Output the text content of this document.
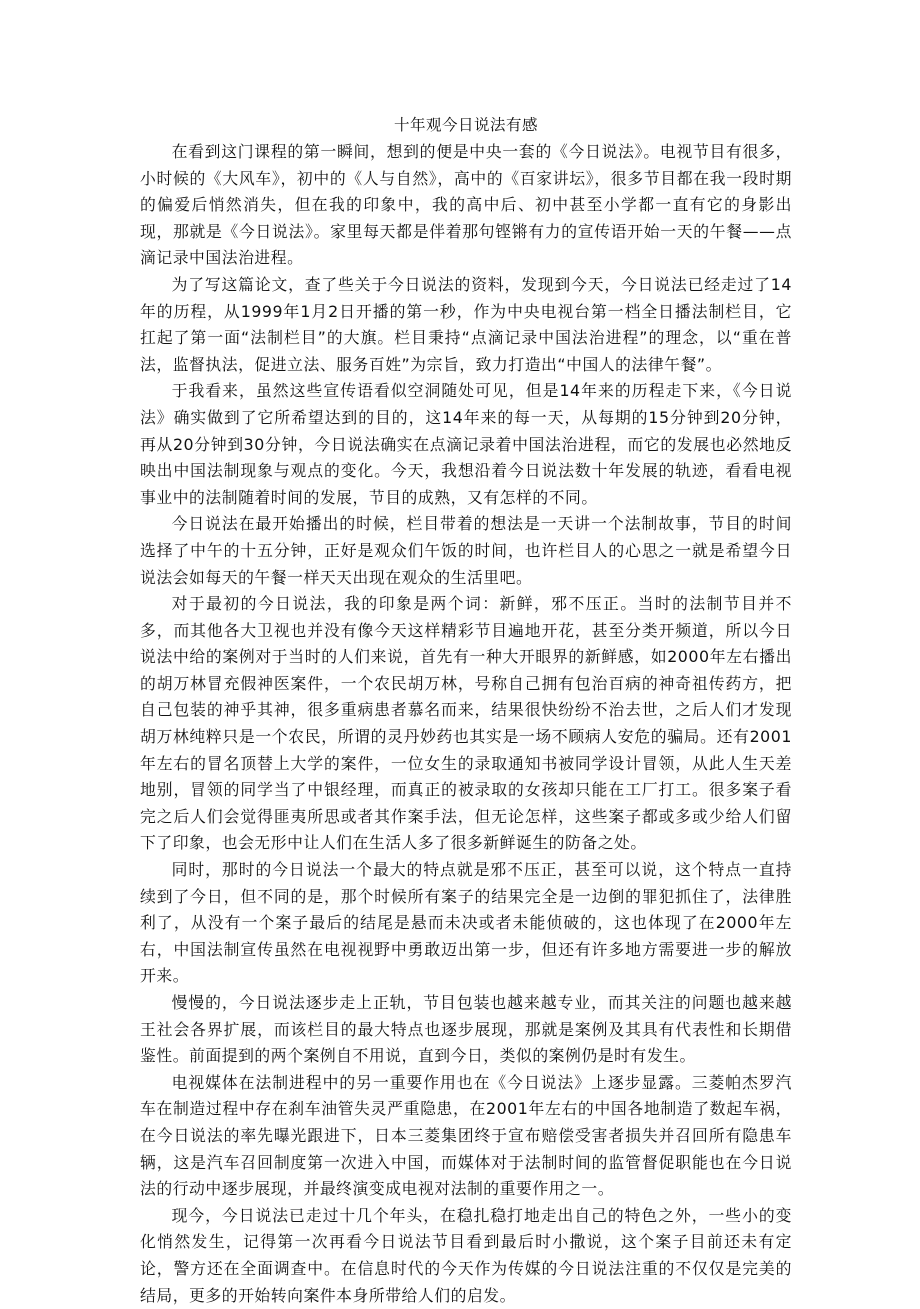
十年观今日说法有感

在看到这门课程的第一瞬间，想到的便是中央一套的《今日说法》。电视节目有很多，小时候的《大风车》，初中的《人与自然》，高中的《百家讲坛》，很多节目都在我一段时期的偏爱后悄然消失，但在我的印象中，我的高中后、初中甚至小学都一直有它的身影出现，那就是《今日说法》。家里每天都是伴着那句铿锵有力的宣传语开始一天的午餐——点滴记录中国法治进程。

为了写这篇论文，查了些关于今日说法的资料，发现到今天，今日说法已经走过了14年的历程，从1999年1月2日开播的第一秒，作为中央电视台第一档全日播法制栏目，它扛起了第一面“法制栏目”的大旗。栏目秉持“点滴记录中国法治进程”的理念，以“重在普法，监督执法，促进立法、服务百姓”为宗旨，致力打造出“中国人的法律午餐”。

于我看来，虽然这些宣传语看似空洞随处可见，但是14年来的历程走下来，《今日说法》确实做到了它所希望达到的目的，这14年来的每一天，从每期的15分钟到20分钟，再从20分钟到30分钟，今日说法确实在点滴记录着中国法治进程，而它的发展也必然地反映出中国法制现象与观点的变化。今天，我想沿着今日说法数十年发展的轨迹，看看电视事业中的法制随着时间的发展，节目的成熟，又有怎样的不同。

今日说法在最开始播出的时候，栏目带着的想法是一天讲一个法制故事，节目的时间选择了中午的十五分钟，正好是观众们午饭的时间，也许栏目人的心思之一就是希望今日说法会如每天的午餐一样天天出现在观众的生活里吧。

对于最初的今日说法，我的印象是两个词：新鲜，邪不压正。当时的法制节目并不多，而其他各大卫视也并没有像今天这样精彩节目遍地开花，甚至分类开频道，所以今日说法中给的案例对于当时的人们来说，首先有一种大开眼界的新鲜感，如2000年左右播出的胡万林冒充假神医案件，一个农民胡万林，号称自己拥有包治百病的神奇祖传药方，把自己包装的神乎其神，很多重病患者慕名而来，结果很快纷纷不治去世，之后人们才发现胡万林纯粹只是一个农民，所谓的灵丹妙药也其实是一场不顾病人安危的骗局。还有2001年左右的冒名顶替上大学的案件，一位女生的录取通知书被同学设计冒领，从此人生天差地别，冒领的同学当了中银经理，而真正的被录取的女孩却只能在工厂打工。很多案子看完之后人们会觉得匪夷所思或者其作案手法，但无论怎样，这些案子都或多或少给人们留下了印象，也会无形中让人们在生活人多了很多新鲜诞生的防备之处。

同时，那时的今日说法一个最大的特点就是邪不压正，甚至可以说，这个特点一直持续到了今日，但不同的是，那个时候所有案子的结果完全是一边倒的罪犯抓住了，法律胜利了，从没有一个案子最后的结尾是悬而未决或者未能侦破的，这也体现了在2000年左右，中国法制宣传虽然在电视视野中勇敢迈出第一步，但还有许多地方需要进一步的解放开来。

慢慢的，今日说法逐步走上正轨，节目包装也越来越专业，而其关注的问题也越来越王社会各界扩展，而该栏目的最大特点也逐步展现，那就是案例及其具有代表性和长期借鉴性。前面提到的两个案例自不用说，直到今日，类似的案例仍是时有发生。

电视媒体在法制进程中的另一重要作用也在《今日说法》上逐步显露。三菱帕杰罗汽车在制造过程中存在刹车油管失灵严重隐患，在2001年左右的中国各地制造了数起车祸，在今日说法的率先曝光跟进下，日本三菱集团终于宣布赔偿受害者损失并召回所有隐患车辆，这是汽车召回制度第一次进入中国，而媒体对于法制时间的监管督促职能也在今日说法的行动中逐步展现，并最终演变成电视对法制的重要作用之一。

现今，今日说法已走过十几个年头，在稳扎稳打地走出自己的特色之外，一些小的变化悄然发生，记得第一次再看今日说法节目看到最后时小撒说，这个案子目前还未有定论，警方还在全面调查中。在信息时代的今天作为传媒的今日说法注重的不仅仅是完美的结局，更多的开始转向案件本身所带给人们的启发。
